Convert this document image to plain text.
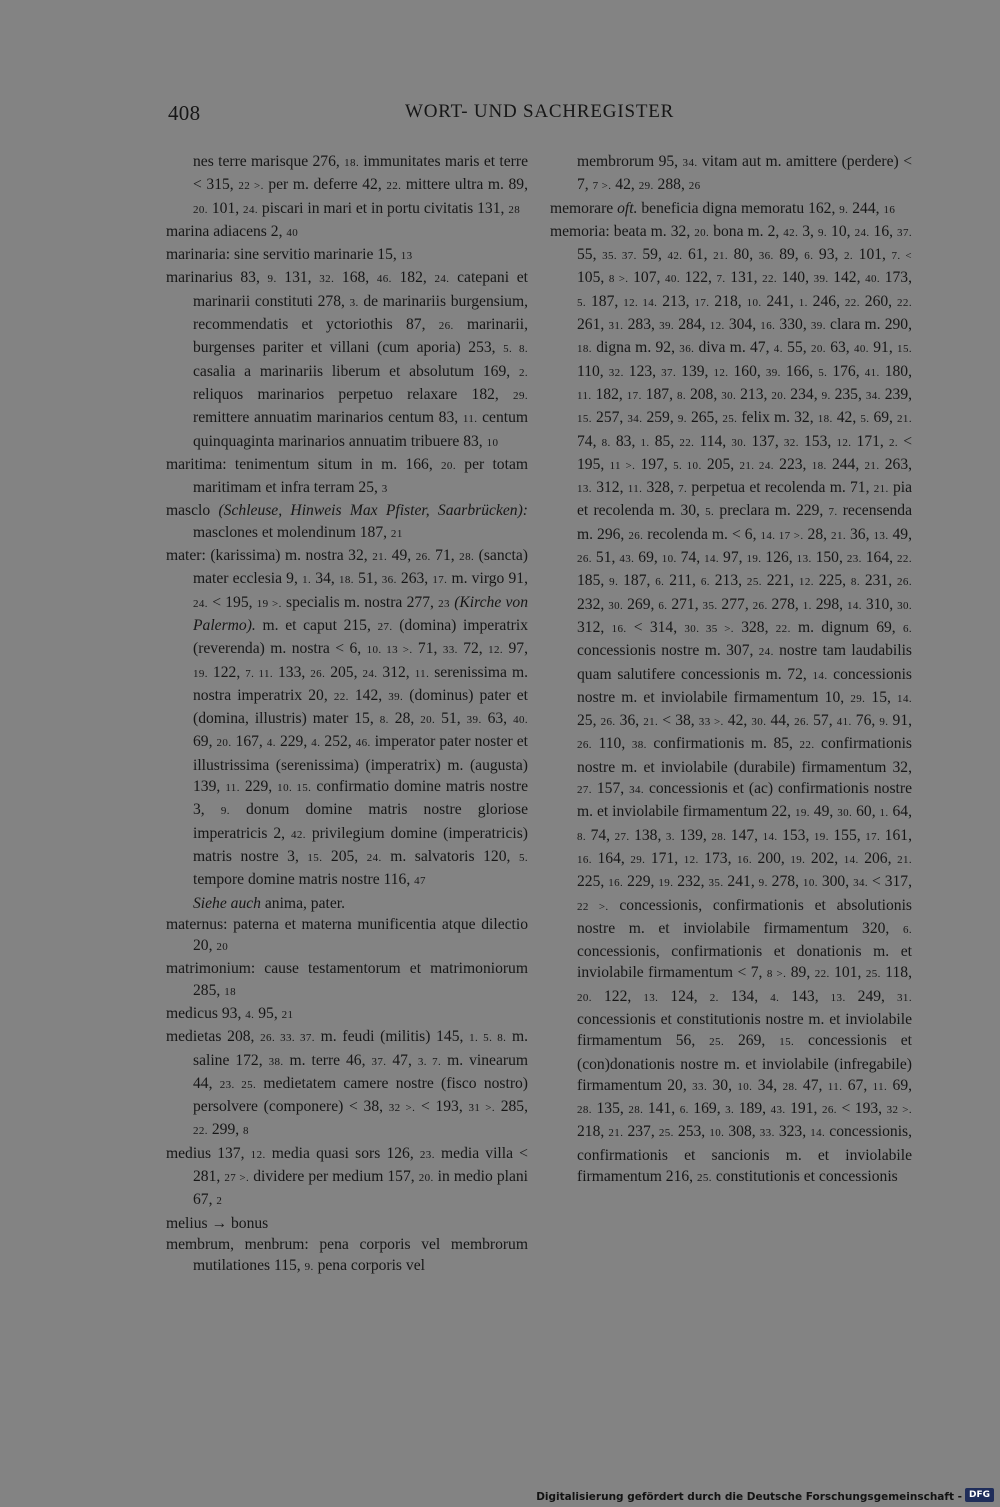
408	WORT- UND SACHREGISTER

nes terre marisque 276, 18. immunitates maris et terre < 315, 22 >. per m. deferre 42, 22. mittere ultra m. 89, 20. 101, 24. piscari in mari et in portu civitatis 131, 28

marina adiacens 2, 40

marinaria: sine servitio marinarie 15, 13

marinarius 83, 9. 131, 32. 168, 46. 182, 24. catepani et marinarii constituti 278, 3. de marinariis burgensium, recommendatis et yctoriothis 87, 26. marinarii, burgenses pariter et villani (cum aporia) 253, 5. 8. casalia a marinariis liberum et absolutum 169, 2. reliquos marinarios perpetuo relaxare 182, 29. remittere annuatim marinarios centum 83, 11. centum quinquaginta marinarios annuatim tribuere 83, 10

maritima: tenimentum situm in m. 166, 20. per totam maritimam et infra terram 25, 3

masclo (Schleuse, Hinweis Max Pfister, Saarbrücken): masclones et molendinum 187, 21

mater: (karissima) m. nostra 32, 21. 49, 26. 71, 28. (sancta) mater ecclesia 9, 1. 34, 18. 51, 36. 263, 17. m. virgo 91, 24. < 195, 19 >. specialis m. nostra 277, 23 (Kirche von Palermo). m. et caput 215, 27. (domina) imperatrix (reverenda) m. nostra < 6, 10. 13 >. 71, 33. 72, 12. 97, 19. 122, 7. 11. 133, 26. 205, 24. 312, 11. serenissima m. nostra imperatrix 20, 22. 142, 39. (dominus) pater et (domina, illustris) mater 15, 8. 28, 20. 51, 39. 63, 40. 69, 20. 167, 4. 229, 4. 252, 46. imperator pater noster et illustrissima (serenissima) (imperatrix) m. (augusta) 139, 11. 229, 10. 15. confirmatio domine matris nostre 3, 9. donum domine matris nostre gloriose imperatricis 2, 42. privilegium domine (imperatricis) matris nostre 3, 15. 205, 24. m. salvatoris 120, 5. tempore domine matris nostre 116, 47

Siehe auch anima, pater.

maternus: paterna et materna munificentia atque dilectio 20, 20

matrimonium: cause testamentorum et matrimoniorum 285, 18

medicus 93, 4. 95, 21

medietas 208, 26. 33. 37. m. feudi (militis) 145, 1. 5. 8. m. saline 172, 38. m. terre 46, 37. 47, 3. 7. m. vinearum 44, 23. 25. medietatem camere nostre (fisco nostro) persolvere (componere) < 38, 32 >. < 193, 31 >. 285, 22. 299, 8

medius 137, 12. media quasi sors 126, 23. media villa < 281, 27 >. dividere per medium 157, 20. in medio plani 67, 2

melius → bonus

membrum, menbrum: pena corporis vel membrorum mutilationes 115, 9. pena corporis vel

membrorum 95, 34. vitam aut m. amittere (perdere) < 7, 7 >. 42, 29. 288, 26

memorare oft. beneficia digna memoratu 162, 9. 244, 16

memoria: beata m. 32, 20. bona m. 2, 42. 3, 9. 10, 24. 16, 37. 55, 35. 37. 59, 42. 61, 21. 80, 36. 89, 6. 93, 2. 101, 7. < 105, 8 >. 107, 40. 122, 7. 131, 22. 140, 39. 142, 40. 173, 5. 187, 12. 14. 213, 17. 218, 10. 241, 1. 246, 22. 260, 22. 261, 31. 283, 39. 284, 12. 304, 16. 330, 39. clara m. 290, 18. digna m. 92, 36. diva m. 47, 4. 55, 20. 63, 40. 91, 15. 110, 32. 123, 37. 139, 12. 160, 39. 166, 5. 176, 41. 180, 11. 182, 17. 187, 8. 208, 30. 213, 20. 234, 9. 235, 34. 239, 15. 257, 34. 259, 9. 265, 25. felix m. 32, 18. 42, 5. 69, 21. 74, 8. 83, 1. 85, 22. 114, 30. 137, 32. 153, 12. 171, 2. < 195, 11 >. 197, 5. 10. 205, 21. 24. 223, 18. 244, 21. 263, 13. 312, 11. 328, 7. perpetua et recolenda m. 71, 21. pia et recolenda m. 30, 5. preclara m. 229, 7. recensenda m. 296, 26. recolenda m. < 6, 14. 17 >. 28, 21. 36, 13. 49, 26. 51, 43. 69, 10. 74, 14. 97, 19. 126, 13. 150, 23. 164, 22. 185, 9. 187, 6. 211, 6. 213, 25. 221, 12. 225, 8. 231, 26. 232, 30. 269, 6. 271, 35. 277, 26. 278, 1. 298, 14. 310, 30. 312, 16. < 314, 30. 35 >. 328, 22. m. dignum 69, 6. concessionis nostre m. 307, 24. nostre tam laudabilis quam salutifere concessionis m. 72, 14. concessionis nostre m. et inviolabile firmamentum 10, 29. 15, 14. 25, 26. 36, 21. < 38, 33 >. 42, 30. 44, 26. 57, 41. 76, 9. 91, 26. 110, 38. confirmationis m. 85, 22. confirmationis nostre m. et inviolabile (durabile) firmamentum 32, 27. 157, 34. concessionis et (ac) confirmationis nostre m. et inviolabile firmamentum 22, 19. 49, 30. 60, 1. 64, 8. 74, 27. 138, 3. 139, 28. 147, 14. 153, 19. 155, 17. 161, 16. 164, 29. 171, 12. 173, 16. 200, 19. 202, 14. 206, 21. 225, 16. 229, 19. 232, 35. 241, 9. 278, 10. 300, 34. < 317, 22 >. concessionis, confirmationis et absolutionis nostre m. et inviolabile firmamentum 320, 6. concessionis, confirmationis et donationis m. et inviolabile firmamentum < 7, 8 >. 89, 22. 101, 25. 118, 20. 122, 13. 124, 2. 134, 4. 143, 13. 249, 31. concessionis et constitutionis nostre m. et inviolabile firmamentum 56, 25. 269, 15. concessionis et (con)donationis nostre m. et inviolabile (infregabile) firmamentum 20, 33. 30, 10. 34, 28. 47, 11. 67, 11. 69, 28. 135, 28. 141, 6. 169, 3. 189, 43. 191, 26. < 193, 32 >. 218, 21. 237, 25. 253, 10. 308, 33. 323, 14. concessionis, confirmationis et sancionis m. et inviolabile firmamentum 216, 25. constitutionis et concessionis

Digitalisierung gefördert durch die Deutsche Forschungsgemeinschaft - DFG
